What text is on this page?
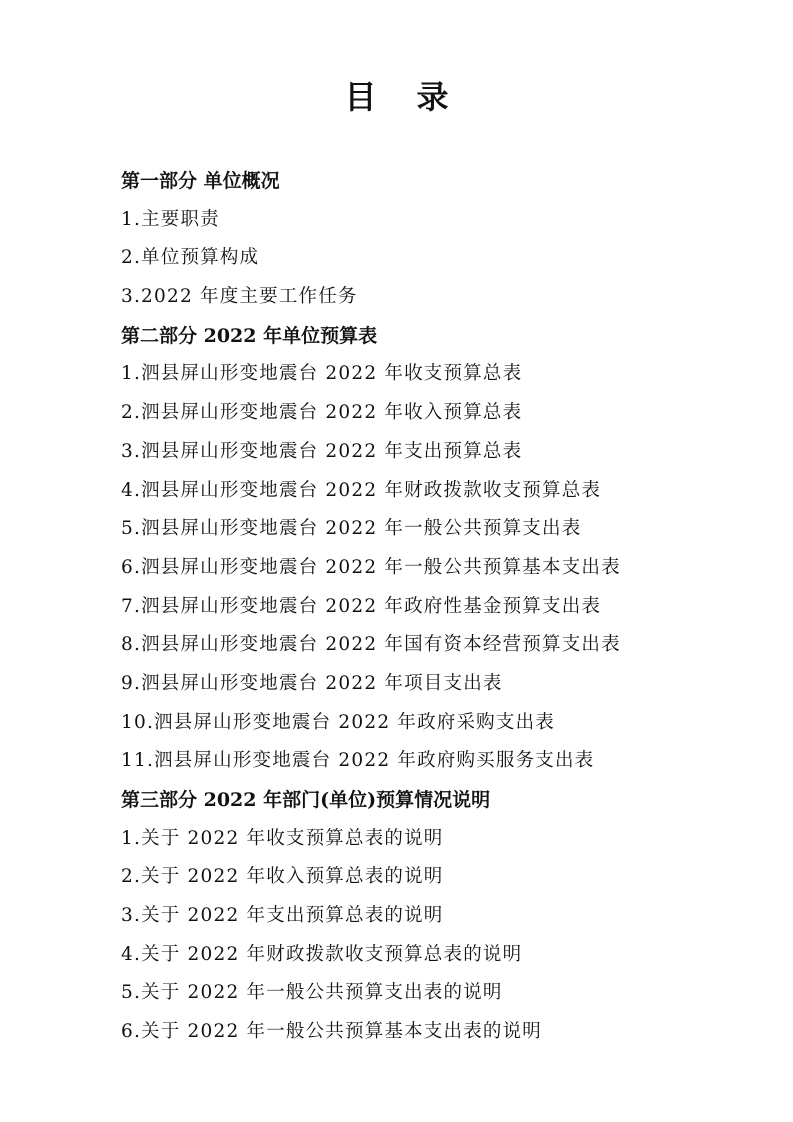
目录
第一部分 单位概况
1.主要职责
2.单位预算构成
3.2022 年度主要工作任务
第二部分 2022 年单位预算表
1.泗县屏山形变地震台 2022 年收支预算总表
2.泗县屏山形变地震台 2022 年收入预算总表
3.泗县屏山形变地震台 2022 年支出预算总表
4.泗县屏山形变地震台 2022 年财政拨款收支预算总表
5.泗县屏山形变地震台 2022 年一般公共预算支出表
6.泗县屏山形变地震台 2022 年一般公共预算基本支出表
7.泗县屏山形变地震台 2022 年政府性基金预算支出表
8.泗县屏山形变地震台 2022 年国有资本经营预算支出表
9.泗县屏山形变地震台 2022 年项目支出表
10.泗县屏山形变地震台 2022 年政府采购支出表
11.泗县屏山形变地震台 2022 年政府购买服务支出表
第三部分 2022 年部门(单位)预算情况说明
1.关于 2022 年收支预算总表的说明
2.关于 2022 年收入预算总表的说明
3.关于 2022 年支出预算总表的说明
4.关于 2022 年财政拨款收支预算总表的说明
5.关于 2022 年一般公共预算支出表的说明
6.关于 2022 年一般公共预算基本支出表的说明
